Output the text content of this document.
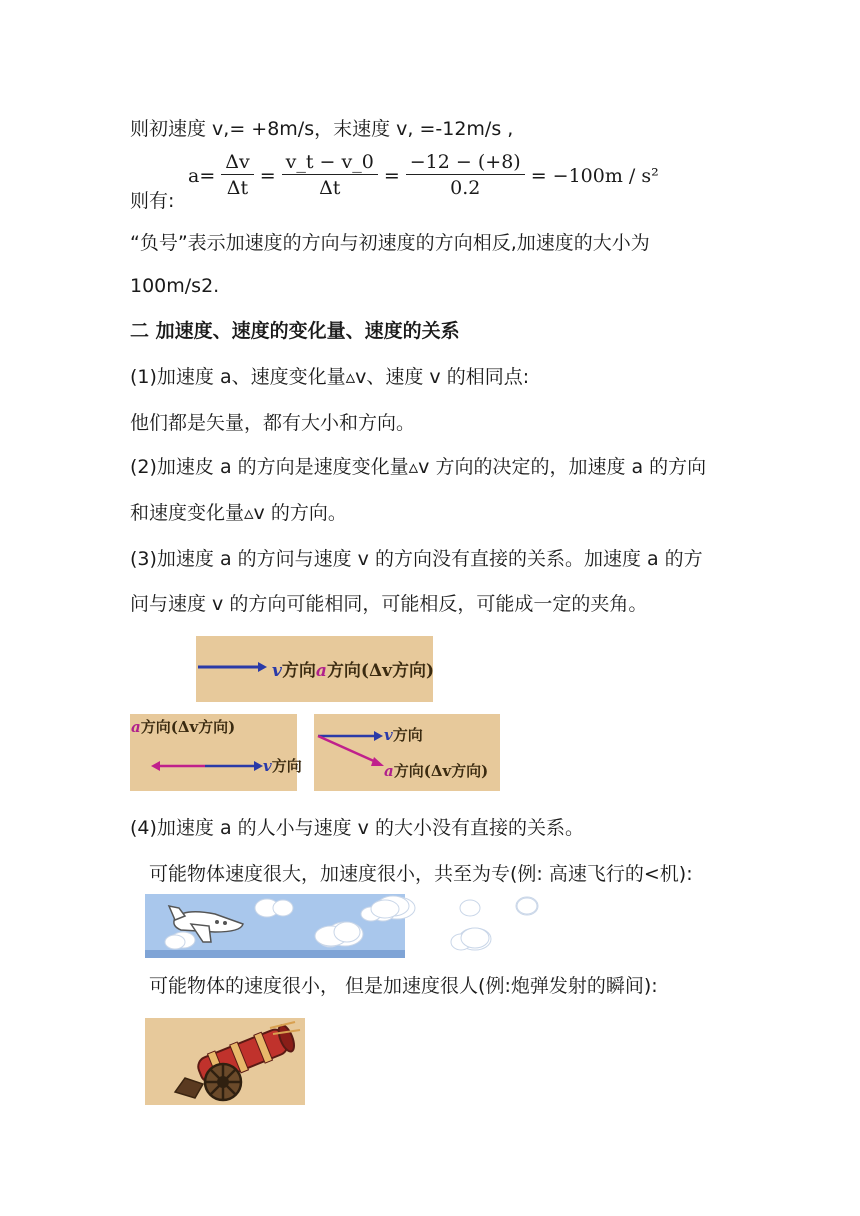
则初速度 v,= +8m/s，末速度 v, =-12m/s ,
则有:
$a= \frac{\Delta v}{\Delta t} = \frac{v\_t - v\_0}{\Delta t} = \frac{-12 - (+8)}{0.2} = -100m / s^2$
“负号”表示加速度的方向与初速度的方向相反,加速度的大小为
100m/s2.
二 加速度、速度的变化量、速度的关系
(1)加速度 a、速度变化量▵v、速度 v 的相同点:
他们都是矢量，都有大小和方向。
(2)加速皮 a 的方向是速度变化量▵v 方向的决定的，加速度 a 的方向
和速度变化量▵v 的方向。
(3)加速度 a 的方问与速度 v 的方向没有直接的关系。加速度 a 的方
问与速度 v 的方向可能相同，可能相反，可能成一定的夹角。
v方向a方向(Δv方向)
a方向(Δv方向)
v方向
v方向
a方向(Δv方向)
(4)加速度 a 的人小与速度 v 的大小没有直接的关系。
可能物体速度很大，加速度很小，共至为专(例: 高速飞行的<机):
可能物体的速度很小， 但是加速度很人(例:炮弹发射的瞬间):
